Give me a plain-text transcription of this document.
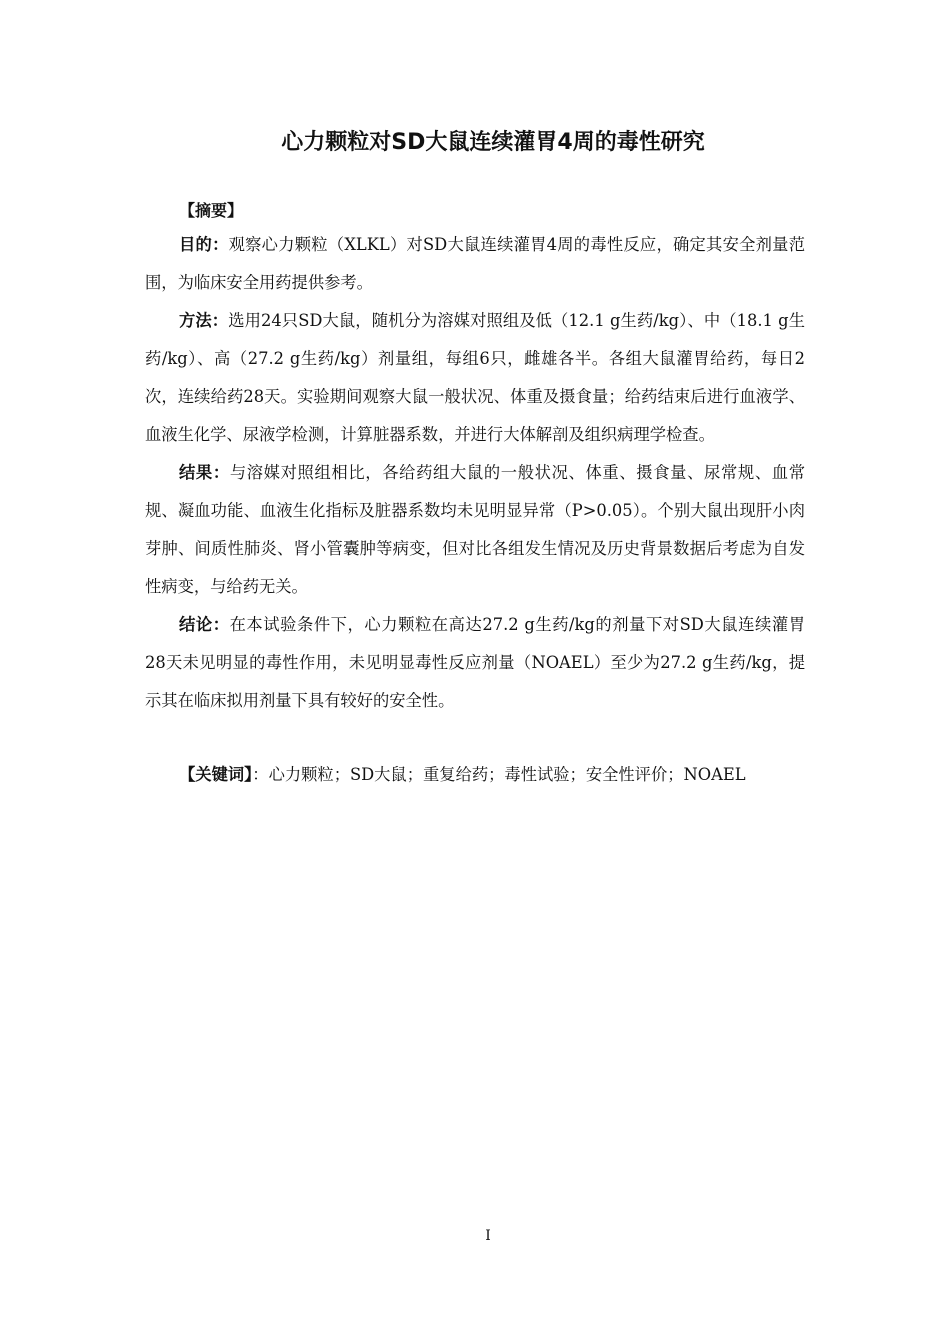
心力颗粒对SD大鼠连续灌胃4周的毒性研究

【摘要】

目的：观察心力颗粒（XLKL）对SD大鼠连续灌胃4周的毒性反应，确定其安全剂量范围，为临床安全用药提供参考。

方法：选用24只SD大鼠，随机分为溶媒对照组及低（12.1 g生药/kg）、中（18.1 g生药/kg）、高（27.2 g生药/kg）剂量组，每组6只，雌雄各半。各组大鼠灌胃给药，每日2次，连续给药28天。实验期间观察大鼠一般状况、体重及摄食量；给药结束后进行血液学、血液生化学、尿液学检测，计算脏器系数，并进行大体解剖及组织病理学检查。

结果：与溶媒对照组相比，各给药组大鼠的一般状况、体重、摄食量、尿常规、血常规、凝血功能、血液生化指标及脏器系数均未见明显异常（P>0.05）。个别大鼠出现肝小肉芽肿、间质性肺炎、肾小管囊肿等病变，但对比各组发生情况及历史背景数据后考虑为自发性病变，与给药无关。

结论：在本试验条件下，心力颗粒在高达27.2 g生药/kg的剂量下对SD大鼠连续灌胃28天未见明显的毒性作用，未见明显毒性反应剂量（NOAEL）至少为27.2 g生药/kg，提示其在临床拟用剂量下具有较好的安全性。

【关键词】：心力颗粒；SD大鼠；重复给药；毒性试验；安全性评价；NOAEL

I
